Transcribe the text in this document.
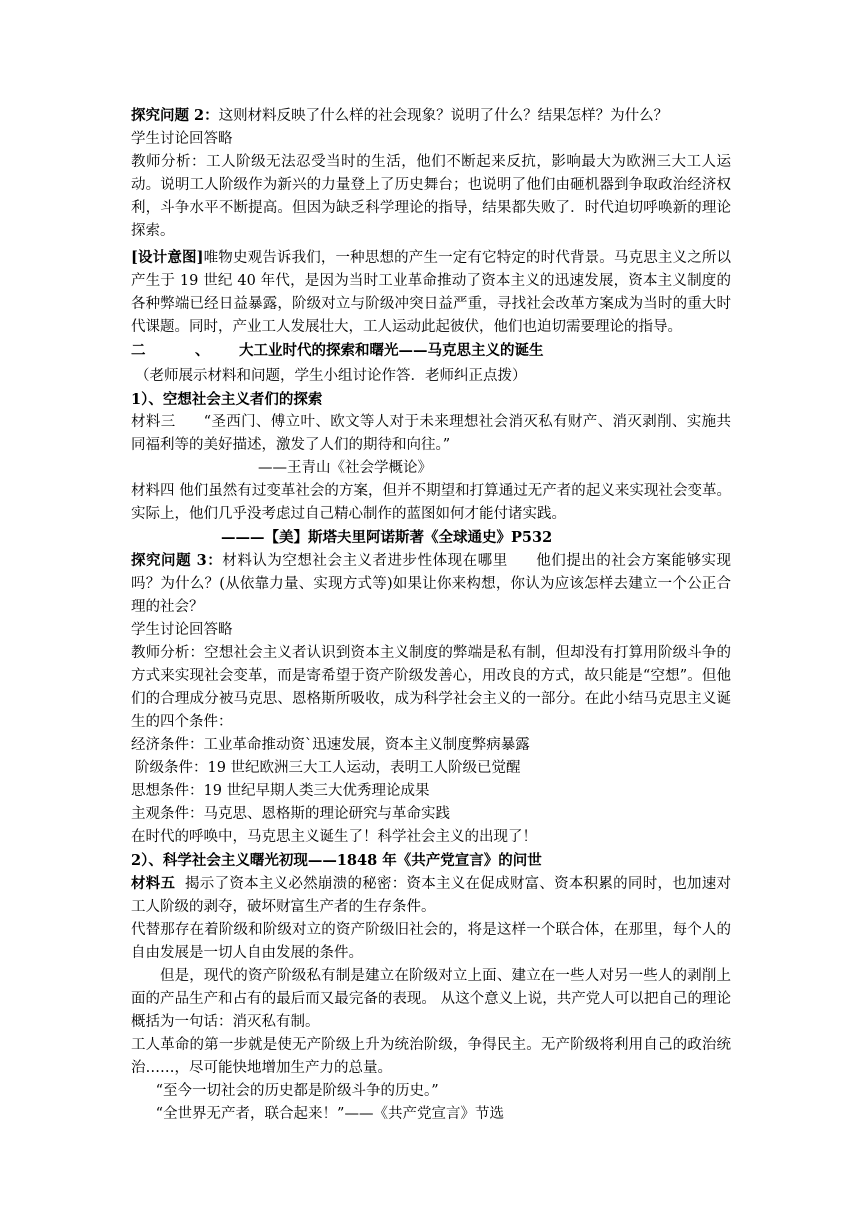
探究问题 2：这则材料反映了什么样的社会现象？说明了什么？结果怎样？为什么？

学生讨论回答略

教师分析：工人阶级无法忍受当时的生活，他们不断起来反抗，影响最大为欧洲三大工人运动。说明工人阶级作为新兴的力量登上了历史舞台；也说明了他们由砸机器到争取政治经济权利，斗争水平不断提高。但因为缺乏科学理论的指导，结果都失败了．时代迫切呼唤新的理论探索。

[设计意图]唯物史观告诉我们，一种思想的产生一定有它特定的时代背景。马克思主义之所以产生于 19 世纪 40 年代，是因为当时工业革命推动了资本主义的迅速发展，资本主义制度的各种弊端已经日益暴露，阶级对立与阶级冲突日益严重，寻找社会改革方案成为当时的重大时代课题。同时，产业工人发展壮大，工人运动此起彼伏，他们也迫切需要理论的指导。

二	、 大工业时代的探索和曙光——马克思主义的诞生

（老师展示材料和问题，学生小组讨论作答．老师纠正点拨）

1）、空想社会主义者们的探索

材料三 “圣西门、傅立叶、欧文等人对于未来理想社会消灭私有财产、消灭剥削、实施共同福利等的美好描述，激发了人们的期待和向往。”

——王青山《社会学概论》

材料四 他们虽然有过变革社会的方案，但并不期望和打算通过无产者的起义来实现社会变革。实际上，他们几乎没考虑过自己精心制作的蓝图如何才能付诸实践。

———【美】斯塔夫里阿诺斯著《全球通史》P532

探究问题 3：材料认为空想社会主义者进步性体现在哪里 他们提出的社会方案能够实现吗？为什么？(从依靠力量、实现方式等)如果让你来构想，你认为应该怎样去建立一个公正合理的社会？

学生讨论回答略

教师分析：空想社会主义者认识到资本主义制度的弊端是私有制，但却没有打算用阶级斗争的方式来实现社会变革，而是寄希望于资产阶级发善心，用改良的方式，故只能是“空想”。但他们的合理成分被马克思、恩格斯所吸收，成为科学社会主义的一部分。在此小结马克思主义诞生的四个条件：

经济条件：工业革命推动资`迅速发展，资本主义制度弊病暴露

阶级条件：19 世纪欧洲三大工人运动，表明工人阶级已觉醒

思想条件：19 世纪早期人类三大优秀理论成果

主观条件：马克思、恩格斯的理论研究与革命实践

在时代的呼唤中，马克思主义诞生了！科学社会主义的出现了！

2）、科学社会主义曙光初现——1848 年《共产党宣言》的问世

材料五 揭示了资本主义必然崩溃的秘密：资本主义在促成财富、资本积累的同时，也加速对工人阶级的剥夺，破坏财富生产者的生存条件。

代替那存在着阶级和阶级对立的资产阶级旧社会的，将是这样一个联合体，在那里，每个人的自由发展是一切人自由发展的条件。

但是，现代的资产阶级私有制是建立在阶级对立上面、建立在一些人对另一些人的剥削上面的产品生产和占有的最后而又最完备的表现。 从这个意义上说，共产党人可以把自己的理论概括为一句话：消灭私有制。

工人革命的第一步就是使无产阶级上升为统治阶级，争得民主。无产阶级将利用自己的政治统治……，尽可能快地增加生产力的总量。

“至今一切社会的历史都是阶级斗争的历史。”

“全世界无产者，联合起来！”——《共产党宣言》节选
